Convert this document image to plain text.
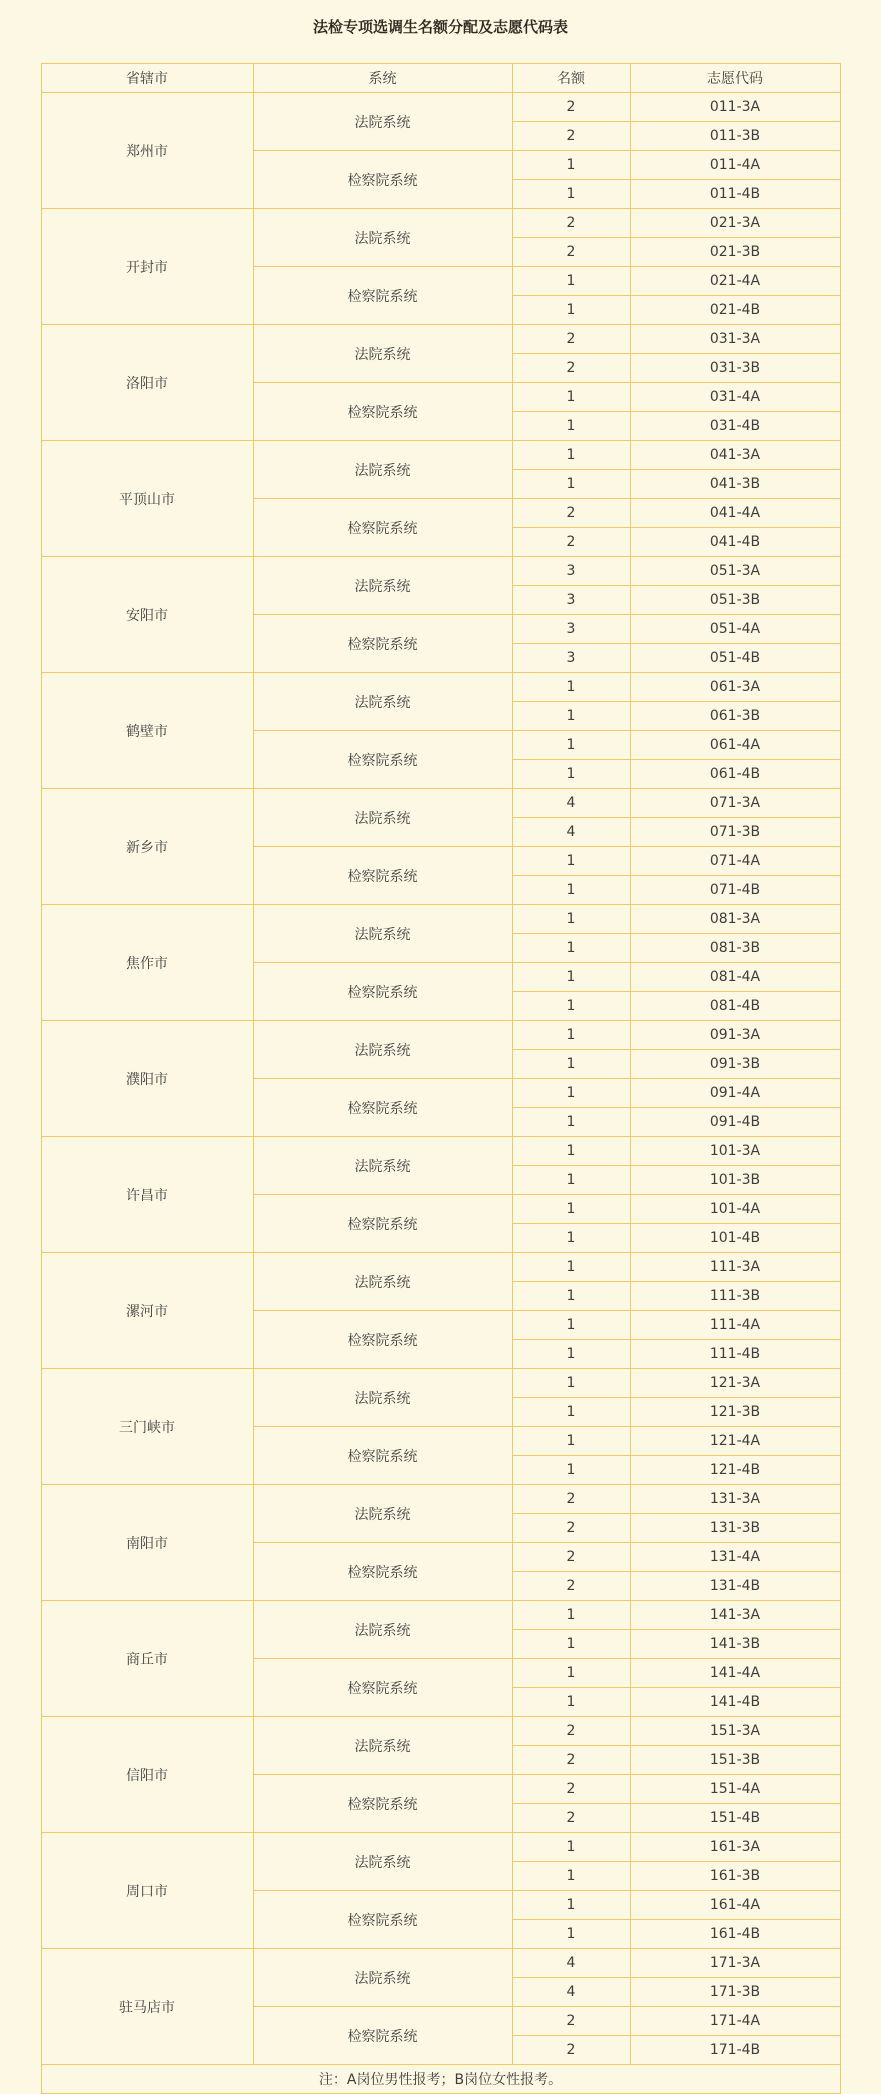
法检专项选调生名额分配及志愿代码表
省辖市	系统	名额	志愿代码
郑州市	法院系统	2	011-3A
		2	011-3B
	检察院系统	1	011-4A
		1	011-4B
开封市	法院系统	2	021-3A
		2	021-3B
	检察院系统	1	021-4A
		1	021-4B
洛阳市	法院系统	2	031-3A
		2	031-3B
	检察院系统	1	031-4A
		1	031-4B
平顶山市	法院系统	1	041-3A
		1	041-3B
	检察院系统	2	041-4A
		2	041-4B
安阳市	法院系统	3	051-3A
		3	051-3B
	检察院系统	3	051-4A
		3	051-4B
鹤壁市	法院系统	1	061-3A
		1	061-3B
	检察院系统	1	061-4A
		1	061-4B
新乡市	法院系统	4	071-3A
		4	071-3B
	检察院系统	1	071-4A
		1	071-4B
焦作市	法院系统	1	081-3A
		1	081-3B
	检察院系统	1	081-4A
		1	081-4B
濮阳市	法院系统	1	091-3A
		1	091-3B
	检察院系统	1	091-4A
		1	091-4B
许昌市	法院系统	1	101-3A
		1	101-3B
	检察院系统	1	101-4A
		1	101-4B
漯河市	法院系统	1	111-3A
		1	111-3B
	检察院系统	1	111-4A
		1	111-4B
三门峡市	法院系统	1	121-3A
		1	121-3B
	检察院系统	1	121-4A
		1	121-4B
南阳市	法院系统	2	131-3A
		2	131-3B
	检察院系统	2	131-4A
		2	131-4B
商丘市	法院系统	1	141-3A
		1	141-3B
	检察院系统	1	141-4A
		1	141-4B
信阳市	法院系统	2	151-3A
		2	151-3B
	检察院系统	2	151-4A
		2	151-4B
周口市	法院系统	1	161-3A
		1	161-3B
	检察院系统	1	161-4A
		1	161-4B
驻马店市	法院系统	4	171-3A
		4	171-3B
	检察院系统	2	171-4A
		2	171-4B
注：A岗位男性报考；B岗位女性报考。			
